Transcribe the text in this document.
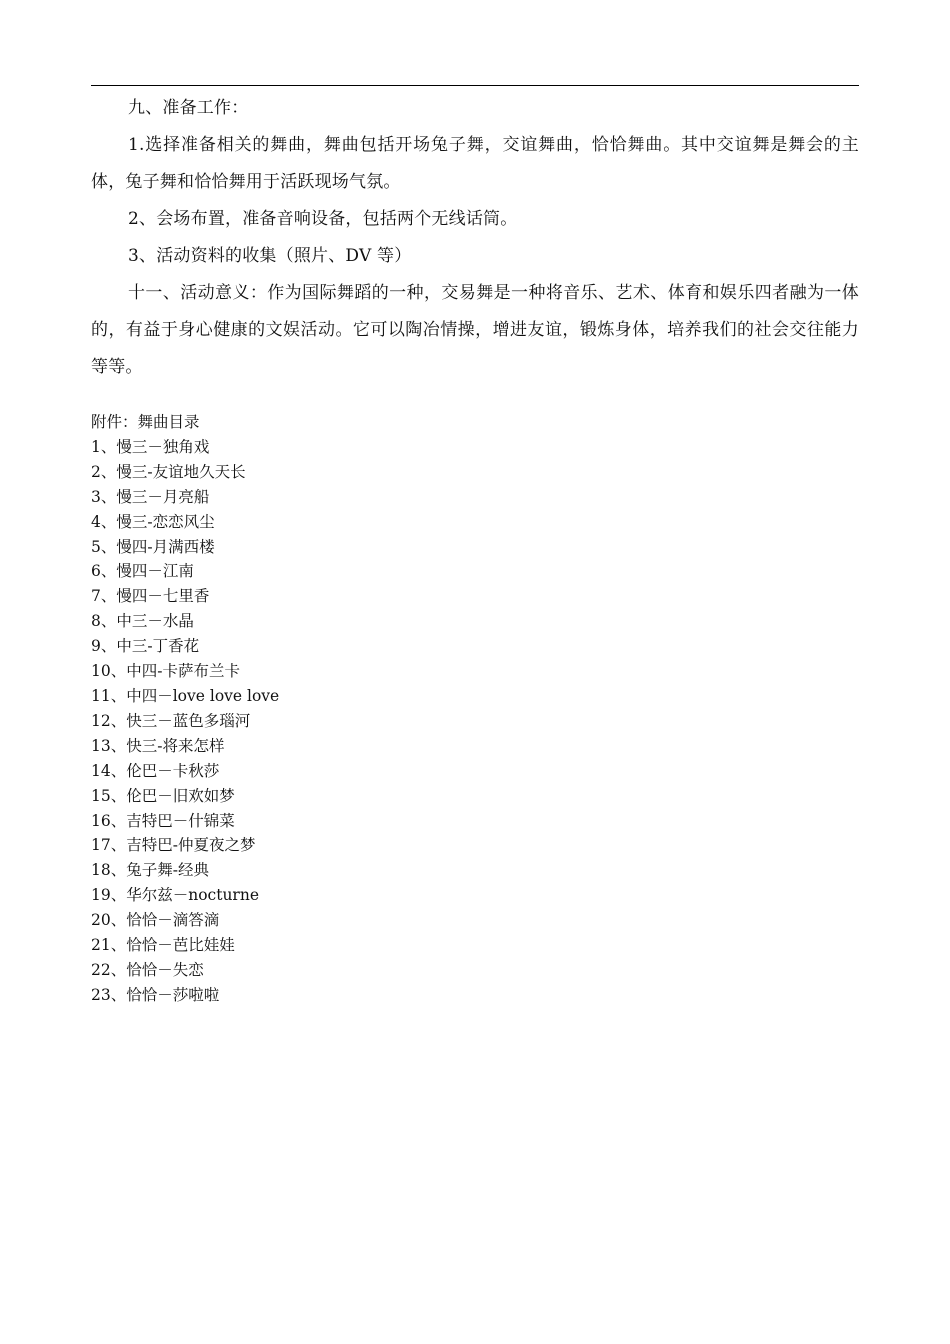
九、准备工作：

1.选择准备相关的舞曲，舞曲包括开场兔子舞，交谊舞曲，恰恰舞曲。其中交谊舞是舞会的主体，兔子舞和恰恰舞用于活跃现场气氛。

2、会场布置，准备音响设备，包括两个无线话筒。

3、活动资料的收集（照片、DV 等）

十一、活动意义：作为国际舞蹈的一种，交易舞是一种将音乐、艺术、体育和娱乐四者融为一体的，有益于身心健康的文娱活动。它可以陶冶情操，增进友谊，锻炼身体，培养我们的社会交往能力等等。

附件：舞曲目录

1、慢三－独角戏
2、慢三-友谊地久天长
3、慢三－月亮船
4、慢三-恋恋风尘
5、慢四-月满西楼
6、慢四－江南
7、慢四－七里香
8、中三－水晶
9、中三-丁香花
10、中四-卡萨布兰卡
11、中四－love love love
12、快三－蓝色多瑙河
13、快三-将来怎样
14、伦巴－卡秋莎
15、伦巴－旧欢如梦
16、吉特巴－什锦菜
17、吉特巴-仲夏夜之梦
18、兔子舞-经典
19、华尔兹－nocturne
20、恰恰－滴答滴
21、恰恰－芭比娃娃
22、恰恰－失恋
23、恰恰－莎啦啦
